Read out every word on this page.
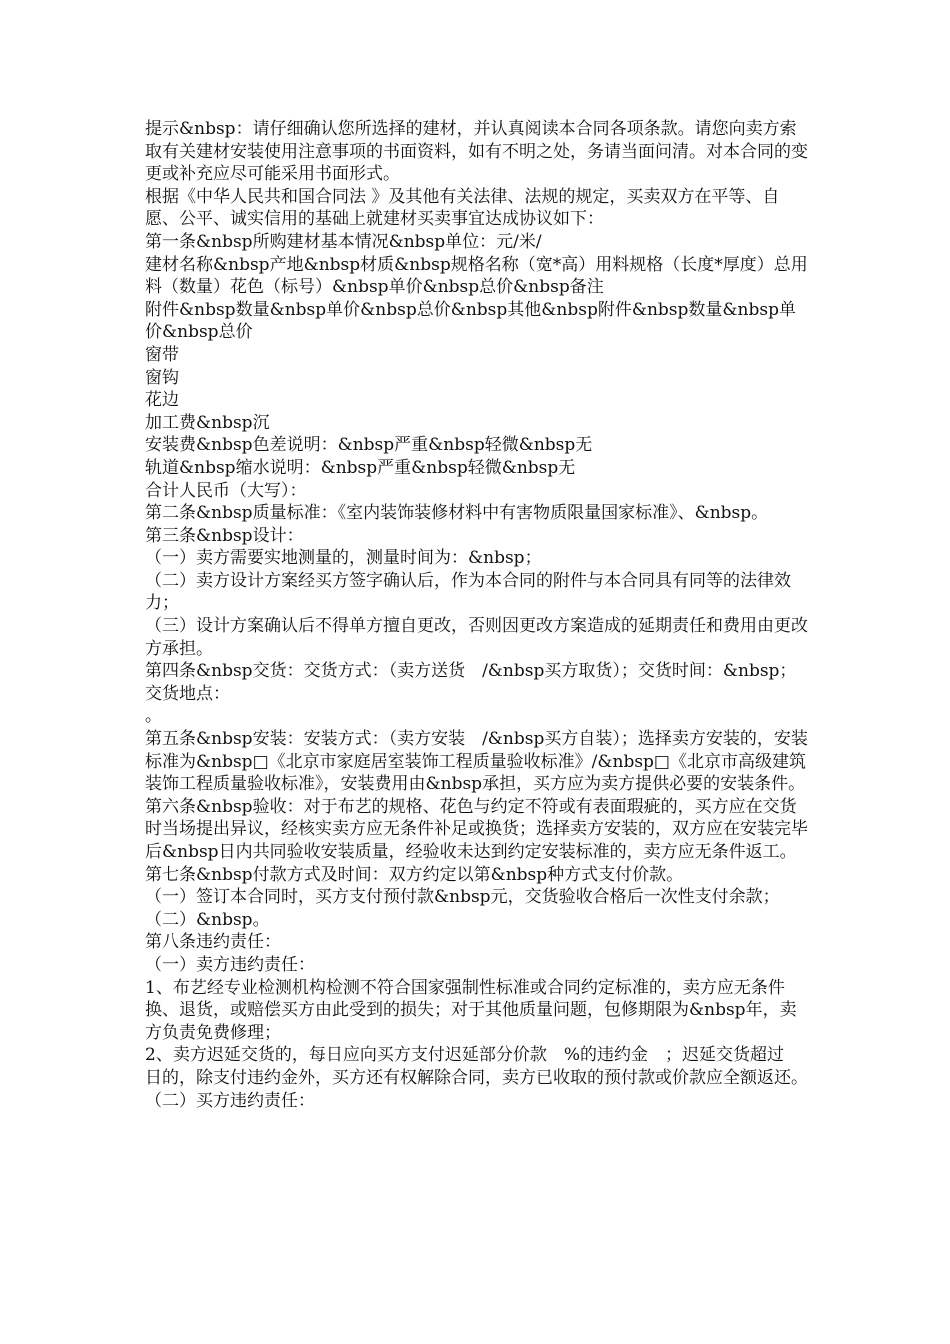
提示&nbsp：请仔细确认您所选择的建材，并认真阅读本合同各项条款。请您向卖方索取有关建材安装使用注意事项的书面资料，如有不明之处，务请当面问清。对本合同的变更或补充应尽可能采用书面形式。
根据《中华人民共和国合同法 》及其他有关法律、法规的规定，买卖双方在平等、自愿、公平、诚实信用的基础上就建材买卖事宜达成协议如下：
第一条&nbsp所购建材基本情况&nbsp单位：元/米/
建材名称&nbsp产地&nbsp材质&nbsp规格名称（宽*高）用料规格（长度*厚度）总用料（数量）花色（标号）&nbsp单价&nbsp总价&nbsp备注
附件&nbsp数量&nbsp单价&nbsp总价&nbsp其他&nbsp附件&nbsp数量&nbsp单价&nbsp总价
窗带
窗钩
花边
加工费&nbsp沉
安装费&nbsp色差说明：&nbsp严重&nbsp轻微&nbsp无
轨道&nbsp缩水说明：&nbsp严重&nbsp轻微&nbsp无
合计人民币（大写）：
第二条&nbsp质量标准：《室内装饰装修材料中有害物质限量国家标准》、&nbsp。
第三条&nbsp设计：
（一）卖方需要实地测量的，测量时间为：&nbsp；
（二）卖方设计方案经买方签字确认后，作为本合同的附件与本合同具有同等的法律效力；
（三）设计方案确认后不得单方擅自更改，否则因更改方案造成的延期责任和费用由更改方承担。
第四条&nbsp交货：交货方式：（卖方送货　/&nbsp买方取货）；交货时间：&nbsp；交货地点：
。
第五条&nbsp安装：安装方式：（卖方安装　/&nbsp买方自装）；选择卖方安装的，安装标准为&nbsp□《北京市家庭居室装饰工程质量验收标准》/&nbsp□《北京市高级建筑装饰工程质量验收标准》，安装费用由&nbsp承担，买方应为卖方提供必要的安装条件。
第六条&nbsp验收：对于布艺的规格、花色与约定不符或有表面瑕疵的，买方应在交货时当场提出异议，经核实卖方应无条件补足或换货；选择卖方安装的，双方应在安装完毕后&nbsp日内共同验收安装质量，经验收未达到约定安装标准的，卖方应无条件返工。
第七条&nbsp付款方式及时间：双方约定以第&nbsp种方式支付价款。
（一）签订本合同时，买方支付预付款&nbsp元，交货验收合格后一次性支付余款；
（二）&nbsp。
第八条违约责任：
（一）卖方违约责任：
1、布艺经专业检测机构检测不符合国家强制性标准或合同约定标准的，卖方应无条件换、退货，或赔偿买方由此受到的损失；对于其他质量问题，包修期限为&nbsp年，卖方负责免费修理；
2、卖方迟延交货的，每日应向买方支付迟延部分价款　%的违约金　；迟延交货超过
日的，除支付违约金外，买方还有权解除合同，卖方已收取的预付款或价款应全额返还。
（二）买方违约责任：
